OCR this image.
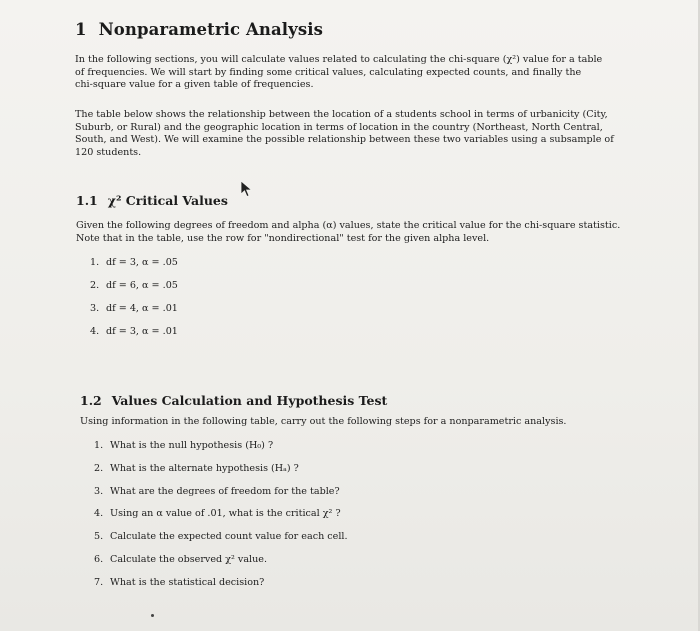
1 Nonparametric Analysis
In the following sections, you will calculate values related to calculating the chi-square (χ²) value for a table
of frequencies. We will start by finding some critical values, calculating expected counts, and finally the
chi-square value for a given table of frequencies.
The table below shows the relationship between the location of a students school in terms of urbanicity (City,
Suburb, or Rural) and the geographic location in terms of location in the country (Northeast, North Central,
South, and West). We will examine the possible relationship between these two variables using a subsample of
120 students.
1.1 χ² Critical Values
Given the following degrees of freedom and alpha (α) values, state the critical value for the chi-square statistic.
Note that in the table, use the row for "nondirectional" test for the given alpha level.
1. df = 3, α = .05
2. df = 6, α = .05
3. df = 4, α = .01
4. df = 3, α = .01
1.2 Values Calculation and Hypothesis Test
Using information in the following table, carry out the following steps for a nonparametric analysis.
1. What is the null hypothesis (H₀) ?
2. What is the alternate hypothesis (Hₐ) ?
3. What are the degrees of freedom for the table?
4. Using an α value of .01, what is the critical χ² ?
5. Calculate the expected count value for each cell.
6. Calculate the observed χ² value.
7. What is the statistical decision?
